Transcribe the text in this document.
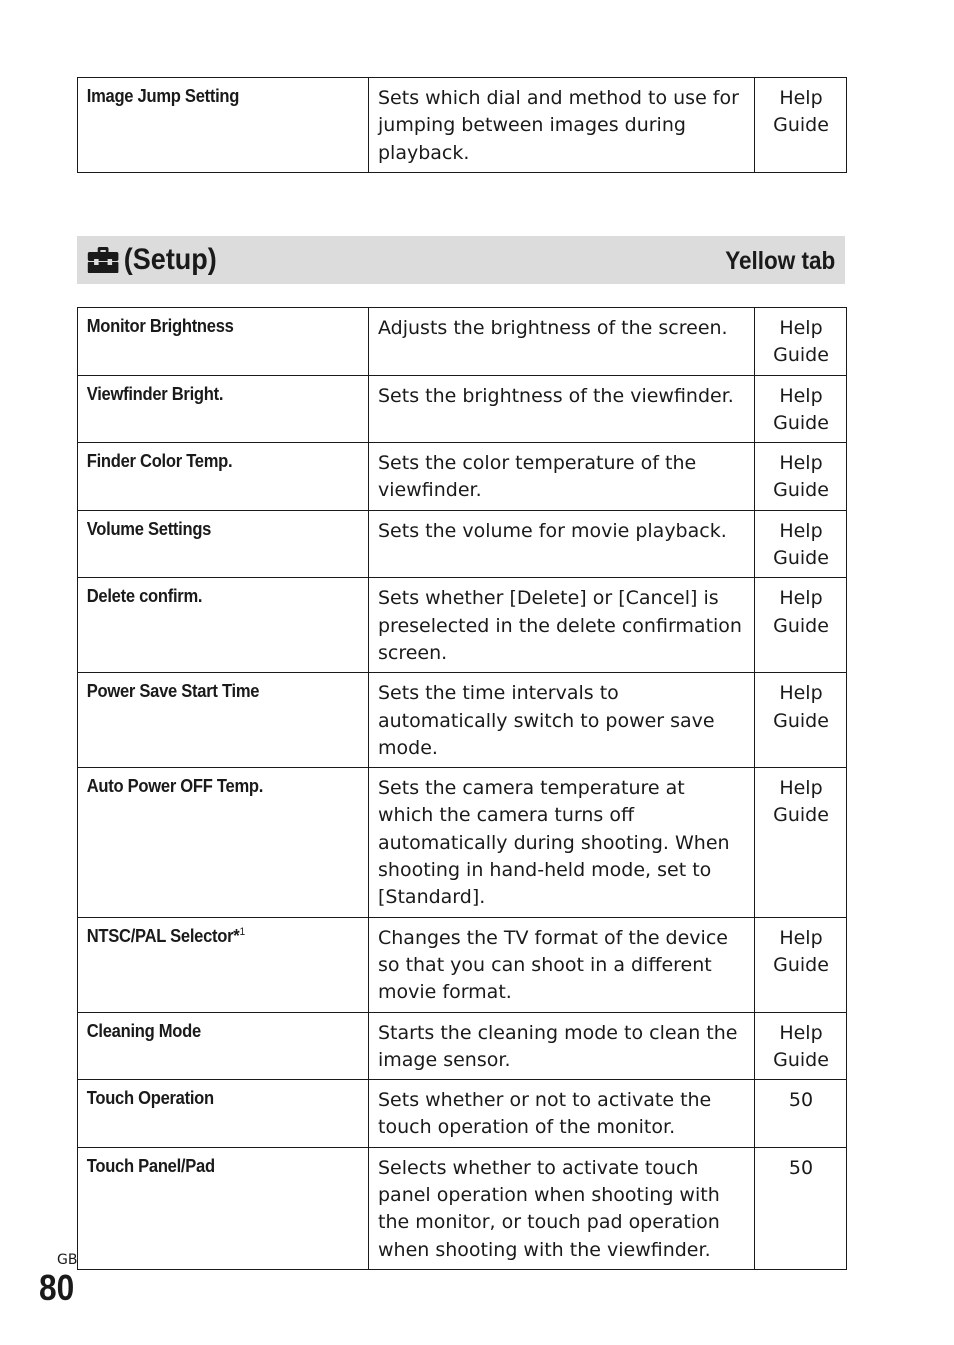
Image Jump Setting	Sets which dial and method to use for jumping between images during playback.	Help Guide
(Setup)	Yellow tab
Monitor Brightness	Adjusts the brightness of the screen.	Help Guide
Viewfinder Bright.	Sets the brightness of the viewfinder.	Help Guide
Finder Color Temp.	Sets the color temperature of the viewfinder.	Help Guide
Volume Settings	Sets the volume for movie playback.	Help Guide
Delete confirm.	Sets whether [Delete] or [Cancel] is preselected in the delete confirmation screen.	Help Guide
Power Save Start Time	Sets the time intervals to automatically switch to power save mode.	Help Guide
Auto Power OFF Temp.	Sets the camera temperature at which the camera turns off automatically during shooting. When shooting in hand-held mode, set to [Standard].	Help Guide
NTSC/PAL Selector*$^1$	Changes the TV format of the device so that you can shoot in a different movie format.	Help Guide
Cleaning Mode	Starts the cleaning mode to clean the image sensor.	Help Guide
Touch Operation	Sets whether or not to activate the touch operation of the monitor.	50
Touch Panel/Pad	Selects whether to activate touch panel operation when shooting with the monitor, or touch pad operation when shooting with the viewfinder.	50
GB
80
